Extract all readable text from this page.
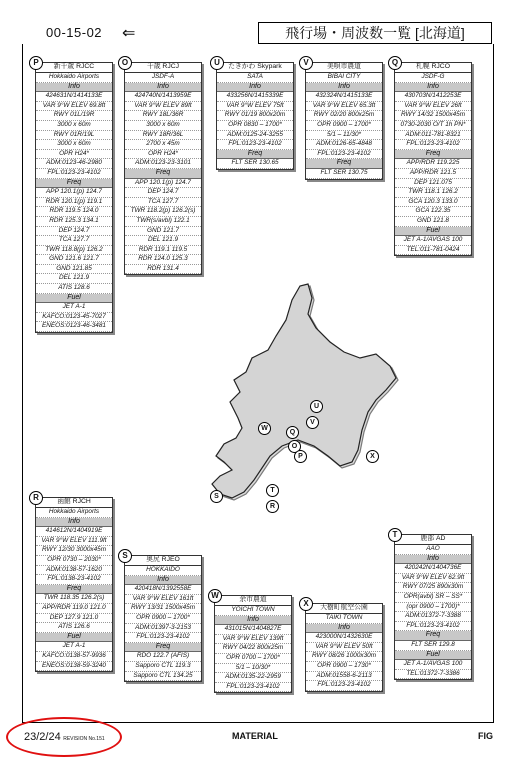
00-15-02 ⇐	飛行場・周波数一覧 [北海道]
P	新千歳 RJCC
Hokkaido Airports
Info
424631N/1414133E
VAR 9°W ELEV 69.8ft
RWY 01L/19R
3000 x 60m
RWY 01R/19L
3000 x 60m
OPR H24*
ADM:0123-46-2980
FPL:0123-23-4102
Freq
APP 120.1(p) 124.7
RDR 120.1(p) 119.1
RDR 119.5 124.0
RDR 125.3 134.1
DEP 124.7
TCA 127.7
TWR 118.8(p) 126.2
GND 121.6 121.7
GND 121.85
DEL 121.9
ATIS 128.6
Fuel
JET A-1
KAFCO:0123-45-7027
ENEOS:0123-46-3481
O	千歳 RJCJ
JSDF-A
Info
424740N/1413959E
VAR 9°W ELEV 89ft
RWY 18L/36R
3000 x 60m
RWY 18R/36L
2700 x 45m
OPR H24*
ADM:0123-23-3101
Freq
APP 120.1(p) 124.7
DEP 124.7
TCA 127.7
TWR 118.2(p) 126.2(s)
TWR(s/avbl) 122.1
GND 121.7
DEL 121.9
RDR 119.1 119.5
RDR 124.0 125.3
RDR 131.4
U	たきかわ Skypark
SATA
Info
433256N/1415339E
VAR 9°W ELEV 75ft
RWY 01/19 800x20m
OPR 0830 – 1700*
ADM:0125-24-3255
FPL:0123-23-4102
Freq
FLT SER 130.65
V	美唄市農道
BIBAI CITY
Info
432324N/1415133E
VAR 9°W ELEV 65.3ft
RWY 02/20 800x25m
OPR 0900 – 1700*
5/1 – 11/30*
ADM:0126-65-4848
FPL:0123-23-4102
Freq
FLT SER 130.75
Q	札幌 RJCO
JSDF-G
Info
430703N/1412253E
VAR 9°W ELEV 26ft
RWY 14/32 1500x45m
0730-2030 O/T 1h PN*
ADM:011-781-8321
FPL:0123-23-4102
Freq
APP/RDR 119.225
APP/RDR 121.5
DEP 121.075
TWR 118.1 126.2
GCA 120.3 133.0
GCA 122.35
GND 121.8
Fuel
JET A-1/AVGAS 100
TEL:011-781-0424
R	函館 RJCH
Hokkaido Airports
Info
414612N/1404919E
VAR 9°W ELEV 111.9ft
RWY 12/30 3000x45m
OPR 0730 – 2030*
ADM:0138-57-1620
FPL:0138-23-4102
Freq
TWR 118.35 126.2(s)
APP/RDR 119.0 121.0
DEP 127.9 121.0
ATIS 126.6
Fuel
JET A-1
KAFCO:0138-57-9936
ENEOS:0138-59-3240
S	奥尻 RJEO
HOKKAIDO
Info
420418N/1392558E
VAR 9°W ELEV 161ft
RWY 13/31 1500x45m
OPR 0900 – 1700*
ADM:01397-3-2153
FPL:0123-23-4102
Freq
RDO 122.7 (AFIS)
Sapporo CTL 119.3
Sapporo CTL 134.25
W	余市農道
YOICHI TOWN
Info
431015N/1404827E
VAR 9°W ELEV 139ft
RWY 04/22 800x25m
OPR 0700 – 1700*
5/1 – 10/30*
ADM:0135-22-2959
FPL:0123-23-4102
X	大樹町航空公園
TAIKI TOWN
Info
423000N/1432630E
VAR 9°W ELEV 50ft
RWY 08/26 1000x30m
OPR 0900 – 1730*
ADM:01558-6-2113
FPL:0123-23-4102
T	鹿部 AD
AAO
Info
420242N/1404736E
VAR 9°W ELEV 62.9ft
RWY 07/25 890x30m
OPR(avbl) SR – SS*
(opr 0900 – 1700)*
ADM:01372-7-3388
FPL:0123-23-4102
Freq
FLT SER 129.8
Fuel
JET A-1/AVGAS 100
TEL:01372-7-3386
U
V
W
Q
O
P	X
T
R
S
23/2/24 REVISION No.151	MATERIAL	FIG
